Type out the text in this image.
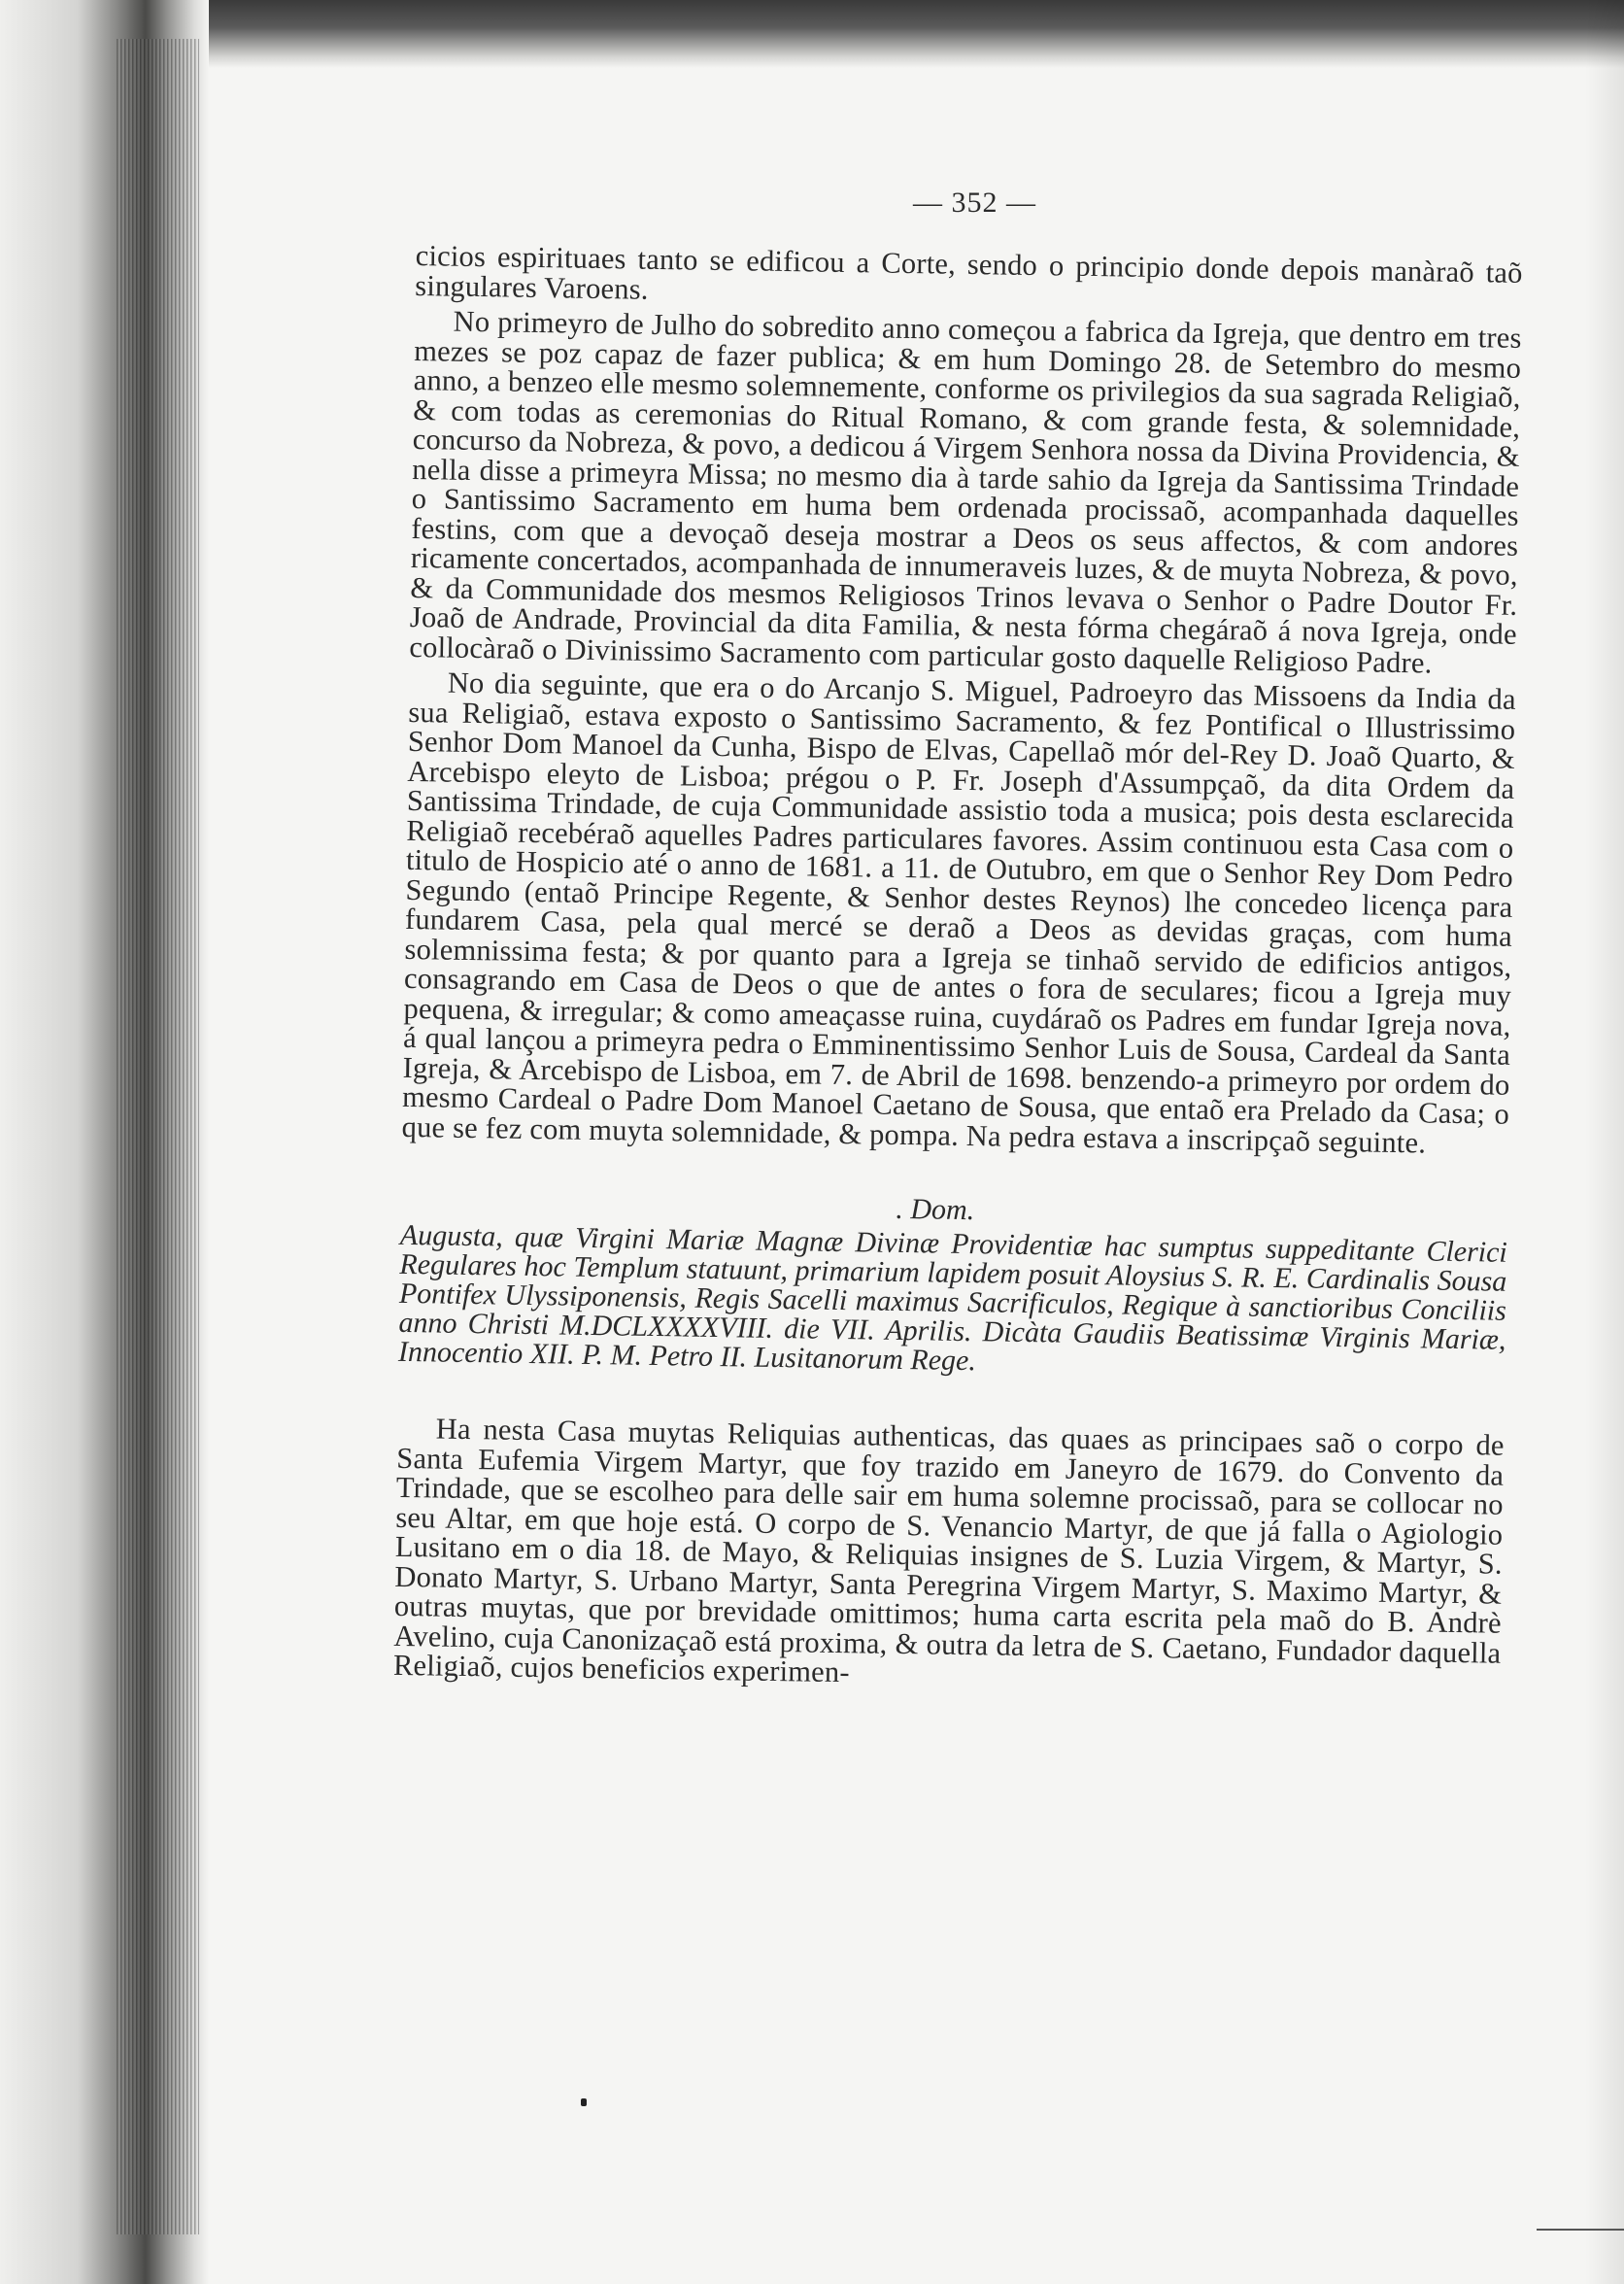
— 352 —

cicios espirituaes tanto se edificou a Corte, sendo o principio donde depois manàraõ taõ singulares Varoens.

No primeyro de Julho do sobredito anno começou a fabrica da Igreja, que dentro em tres mezes se poz capaz de fazer publica; & em hum Domingo 28. de Setembro do mesmo anno, a benzeo elle mesmo solemnemente, conforme os privilegios da sua sagrada Religiaõ, & com todas as ceremonias do Ritual Romano, & com grande festa, & solemnidade, concurso da Nobreza, & povo, a dedicou á Virgem Senhora nossa da Divina Providencia, & nella disse a primeyra Missa; no mesmo dia à tarde sahio da Igreja da Santissima Trindade o Santissimo Sacramento em huma bem ordenada procissaõ, acompanhada daquelles festins, com que a devoçaõ deseja mostrar a Deos os seus affectos, & com andores ricamente concertados, acompanhada de innumeraveis luzes, & de muyta Nobreza, & povo, & da Communidade dos mesmos Religiosos Trinos levava o Senhor o Padre Doutor Fr. Joaõ de Andrade, Provincial da dita Familia, & nesta fórma chegáraõ á nova Igreja, onde collocàraõ o Divinissimo Sacramento com particular gosto daquelle Religioso Padre.

No dia seguinte, que era o do Arcanjo S. Miguel, Padroeyro das Missoens da India da sua Religiaõ, estava exposto o Santissimo Sacramento, & fez Pontifical o Illustrissimo Senhor Dom Manoel da Cunha, Bispo de Elvas, Capellaõ mór del-Rey D. Joaõ Quarto, & Arcebispo eleyto de Lisboa; prégou o P. Fr. Joseph d'Assumpçaõ, da dita Ordem da Santissima Trindade, de cuja Communidade assistio toda a musica; pois desta esclarecida Religiaõ recebéraõ aquelles Padres particulares favores. Assim continuou esta Casa com o titulo de Hospicio até o anno de 1681. a 11. de Outubro, em que o Senhor Rey Dom Pedro Segundo (entaõ Principe Regente, & Senhor destes Reynos) lhe concedeo licença para fundarem Casa, pela qual mercé se deraõ a Deos as devidas graças, com huma solemnissima festa; & por quanto para a Igreja se tinhaõ servido de edificios antigos, consagrando em Casa de Deos o que de antes o fora de seculares; ficou a Igreja muy pequena, & irregular; & como ameaçasse ruina, cuydáraõ os Padres em fundar Igreja nova, á qual lançou a primeyra pedra o Emminentissimo Senhor Luis de Sousa, Cardeal da Santa Igreja, & Arcebispo de Lisboa, em 7. de Abril de 1698. benzendo-a primeyro por ordem do mesmo Cardeal o Padre Dom Manoel Caetano de Sousa, que entaõ era Prelado da Casa; o que se fez com muyta solemnidade, & pompa. Na pedra estava a inscripçaõ seguinte.

. Dom.

Augusta, quæ Virgini Mariæ Magnæ Divinæ Providentiæ hac sumptus suppeditante Clerici Regulares hoc Templum statuunt, primarium lapidem posuit Aloysius S. R. E. Cardinalis Sousa Pontifex Ulyssiponensis, Regis Sacelli maximus Sacrificulos, Regique à sanctioribus Conciliis anno Christi M.DCLXXXXVIII. die VII. Aprilis. Dicàta Gaudiis Beatissimæ Virginis Mariæ, Innocentio XII. P. M. Petro II. Lusitanorum Rege.

Ha nesta Casa muytas Reliquias authenticas, das quaes as principaes saõ o corpo de Santa Eufemia Virgem Martyr, que foy trazido em Janeyro de 1679. do Convento da Trindade, que se escolheo para delle sair em huma solemne procissaõ, para se collocar no seu Altar, em que hoje está. O corpo de S. Venancio Martyr, de que já falla o Agiologio Lusitano em o dia 18. de Mayo, & Reliquias insignes de S. Luzia Virgem, & Martyr, S. Donato Martyr, S. Urbano Martyr, Santa Peregrina Virgem Martyr, S. Maximo Martyr, & outras muytas, que por brevidade omittimos; huma carta escrita pela maõ do B. Andrè Avelino, cuja Canonizaçaõ está proxima, & outra da letra de S. Caetano, Fundador daquella Religiaõ, cujos beneficios experimen-
